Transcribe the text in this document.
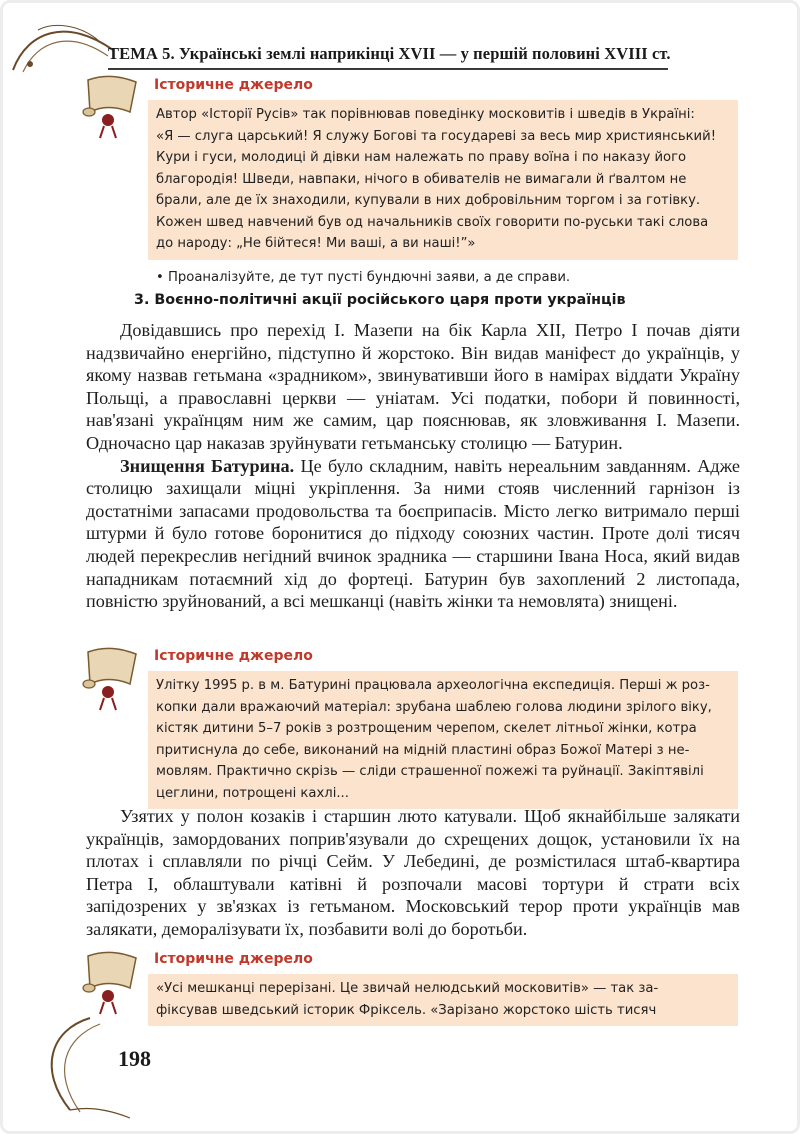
ТЕМА 5. Українські землі наприкінці XVII — у першій половині XVIII ст.
Історичне джерело

Автор «Історії Русів» так порівнював поведінку московитів і шведів в Україні:

«Я — слуга царський! Я служу Богові та государеві за весь мир християнський!

Кури і гуси, молодиці й дівки нам належать по праву воїна і по наказу його

благородія! Шведи, навпаки, нічого в обивателів не вимагали й ґвалтом не

брали, але де їх знаходили, купували в них добровільним торгом і за готівку.

Кожен швед навчений був од начальників своїх говорити по-руськи такі слова

до народу: „Не бійтеся! Ми ваші, а ви наші!”»

• Проаналізуйте, де тут пусті бундючні заяви, а де справи.
3. Воєнно-політичні акції російського царя проти українців

Довідавшись про перехід І. Мазепи на бік Карла XII, Петро І почав діяти надзвичайно енергійно, підступно й жорстоко. Він видав маніфест до українців, у якому назвав гетьмана «зрадником», звинувативши його в намірах віддати Україну Польщі, а православні церкви — уніатам. Усі податки, побори й повинності, нав'язані українцям ним же самим, цар пояснював, як зловживання І. Мазепи. Одночасно цар наказав зруйнувати гетьманську столицю — Батурин.

Знищення Батурина. Це було складним, навіть нереальним завданням. Адже столицю захищали міцні укріплення. За ними стояв численний гарнізон із достатніми запасами продовольства та боєприпасів. Місто легко витримало перші штурми й було готове боронитися до підходу союзних частин. Проте долі тисяч людей перекреслив негідний вчинок зрадника — старшини Івана Носа, який видав нападникам потаємний хід до фортеці. Батурин був захоплений 2 листопада, повністю зруйнований, а всі мешканці (навіть жінки та немовлята) знищені.

Історичне джерело

Улітку 1995 р. в м. Батурині працювала археологічна експедиція. Перші ж роз-

копки дали вражаючий матеріал: зрубана шаблею голова людини зрілого віку,

кістяк дитини 5–7 років з розтрощеним черепом, скелет літньої жінки, котра

притиснула до себе, виконаний на мідній пластині образ Божої Матері з не-

мовлям. Практично скрізь — сліди страшенної пожежі та руйнації. Закіптявілі

цеглини, потрощені кахлі...

Узятих у полон козаків і старшин люто катували. Щоб якнайбільше залякати українців, замордованих поприв'язували до схрещених дощок, установили їх на плотах і сплавляли по річці Сейм. У Лебедині, де розмістилася штаб-квартира Петра І, облаштували катівні й розпочали масові тортури й страти всіх запідозрених у зв'язках із гетьманом. Московський терор проти українців мав залякати, деморалізувати їх, позбавити волі до боротьби.

Історичне джерело

«Усі мешканці перерізані. Це звичай нелюдський московитів» — так за-

фіксував шведський історик Фріксель. «Зарізано жорстоко шість тисяч

198
